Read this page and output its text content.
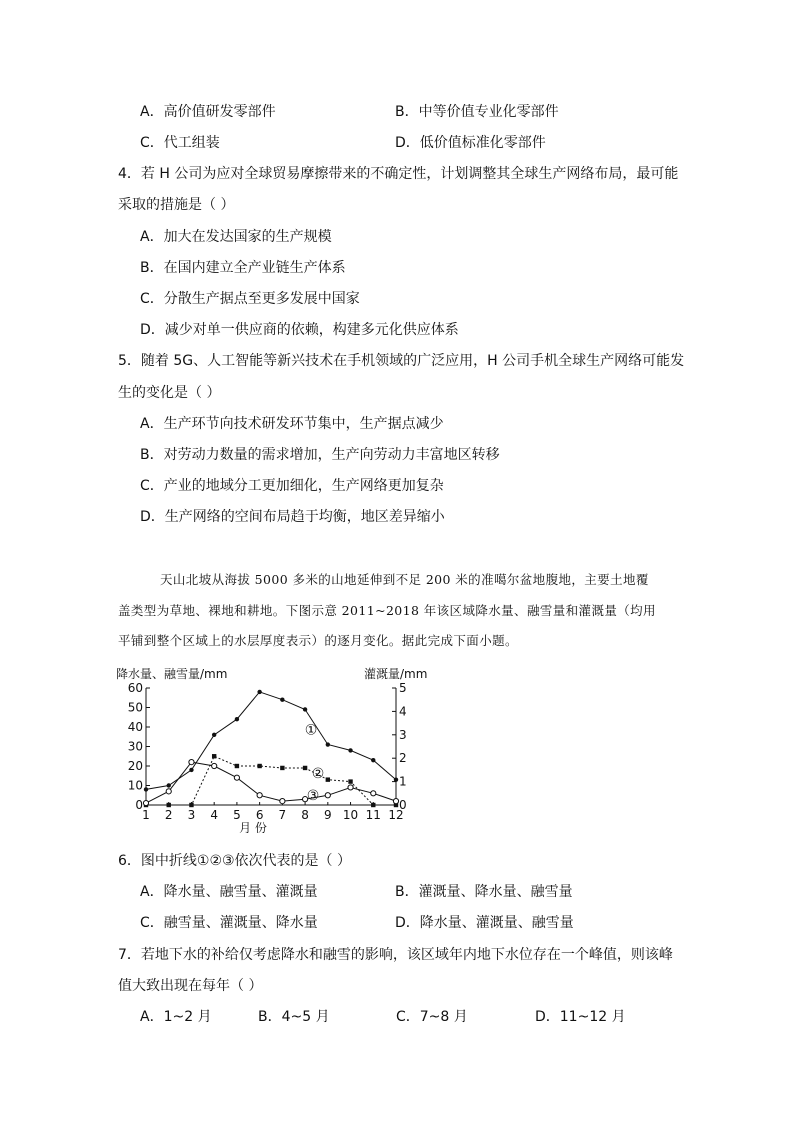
A．高价值研发零部件	B．中等价值专业化零部件
C．代工组装	D．低价值标准化零部件
4．若 H 公司为应对全球贸易摩擦带来的不确定性，计划调整其全球生产网络布局，最可能
采取的措施是（ ）
A．加大在发达国家的生产规模
B．在国内建立全产业链生产体系
C．分散生产据点至更多发展中国家
D．减少对单一供应商的依赖，构建多元化供应体系
5．随着 5G、人工智能等新兴技术在手机领域的广泛应用，H 公司手机全球生产网络可能发
生的变化是（ ）
A．生产环节向技术研发环节集中，生产据点减少
B．对劳动力数量的需求增加，生产向劳动力丰富地区转移
C．产业的地域分工更加细化，生产网络更加复杂
D．生产网络的空间布局趋于均衡，地区差异缩小
天山北坡从海拔 5000 多米的山地延伸到不足 200 米的准噶尔盆地腹地，主要土地覆
盖类型为草地、裸地和耕地。下图示意 2011~2018 年该区域降水量、融雪量和灌溉量（均用
平铺到整个区域上的水层厚度表示）的逐月变化。据此完成下面小题。
降水量、融雪量/mm	灌溉量/mm
0
10
20
30
40
50
60
0
1
2
3
4
5
1 2 3 4 5 6 7 8 9 10 11 12
月 份
①
②
③
6．图中折线①②③依次代表的是（ ）
A．降水量、融雪量、灌溉量	B．灌溉量、降水量、融雪量
C．融雪量、灌溉量、降水量	D．降水量、灌溉量、融雪量
7．若地下水的补给仅考虑降水和融雪的影响，该区域年内地下水位存在一个峰值，则该峰
值大致出现在每年（ ）
A．1~2 月	B．4~5 月	C．7~8 月	D．11~12 月
